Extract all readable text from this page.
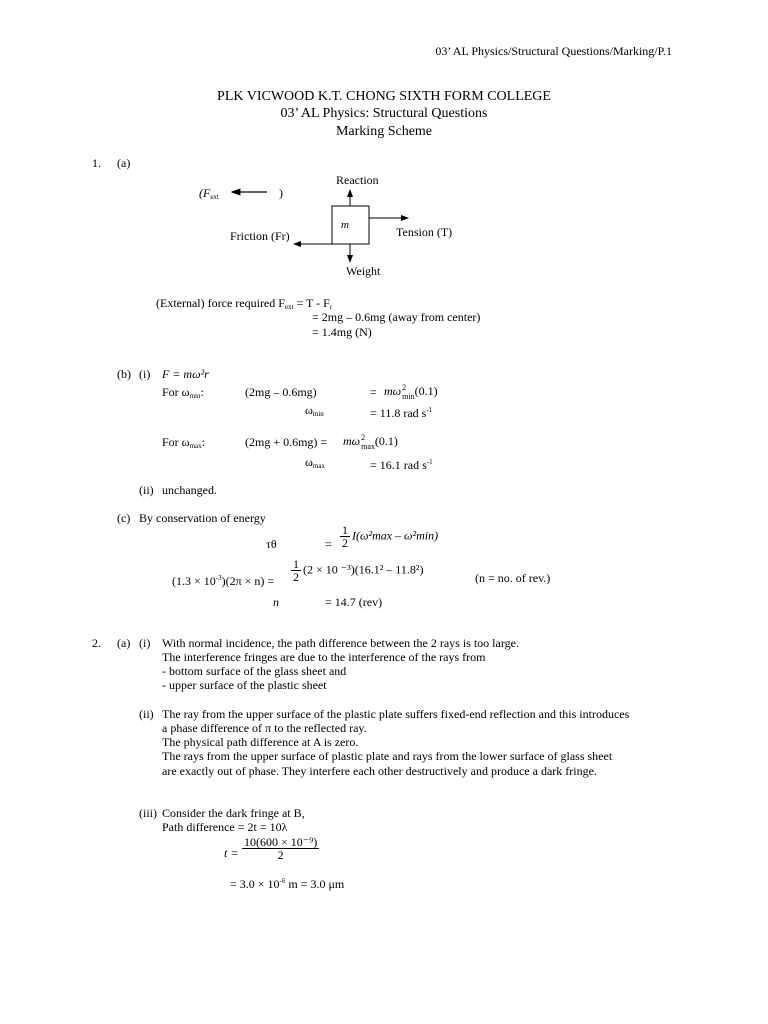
03’ AL Physics/Structural Questions/Marking/P.1
PLK VICWOOD K.T. CHONG SIXTH FORM COLLEGE
03’ AL Physics: Structural Questions
Marking Scheme
1. (a)
($F_{ext}$	)
Reaction
m	Tension (T)
Friction (Fr)
Weight
(External) force required $F_{ext} = T - F_r$
= 2mg – 0.6mg (away from center)
= 1.4mg (N)
(b) (i) F = mω²r
For $\omega_{min}$:	(2mg – 0.6mg)	= mω 2
min (0.1)
$\omega_{min}$	= 11.8 rad $s^{-1}$
For $\omega_{max}$:	(2mg + 0.6mg) = mω 2
max (0.1)
$\omega_{max}$	= 16.1 rad $s^{-1}$
(ii) unchanged.
(c) By conservation of energy
τθ	= $\frac{1}{2} I(\omega^2\max - \omega^2\min)$
$(1.3 \times 10^{-3})(2\pi \times n) = \frac{1}{2} (2 \times 10$ ⁻³)(16.1² – 11.8²)
(n = no. of rev.)
n	= 14.7 (rev)
2. (a) (i) With normal incidence, the path difference between the 2 rays is too large.
The interference fringes are due to the interference of the rays from
- bottom surface of the glass sheet and
- upper surface of the plastic sheet
(ii) The ray from the upper surface of the plastic plate suffers fixed-end reflection and this introduces
a phase difference of π to the reflected ray.
The physical path difference at A is zero.
The rays from the upper surface of plastic plate and rays from the lower surface of glass sheet
are exactly out of phase. They interfere each other destructively and produce a dark fringe.
(iii) Consider the dark fringe at B,
Path difference = 2t = 10λ
$t = \frac{\text{10(600 × 10⁻⁹)}}{2}$
= $3.0 \times 10^{-6}$ m = 3.0 μm
